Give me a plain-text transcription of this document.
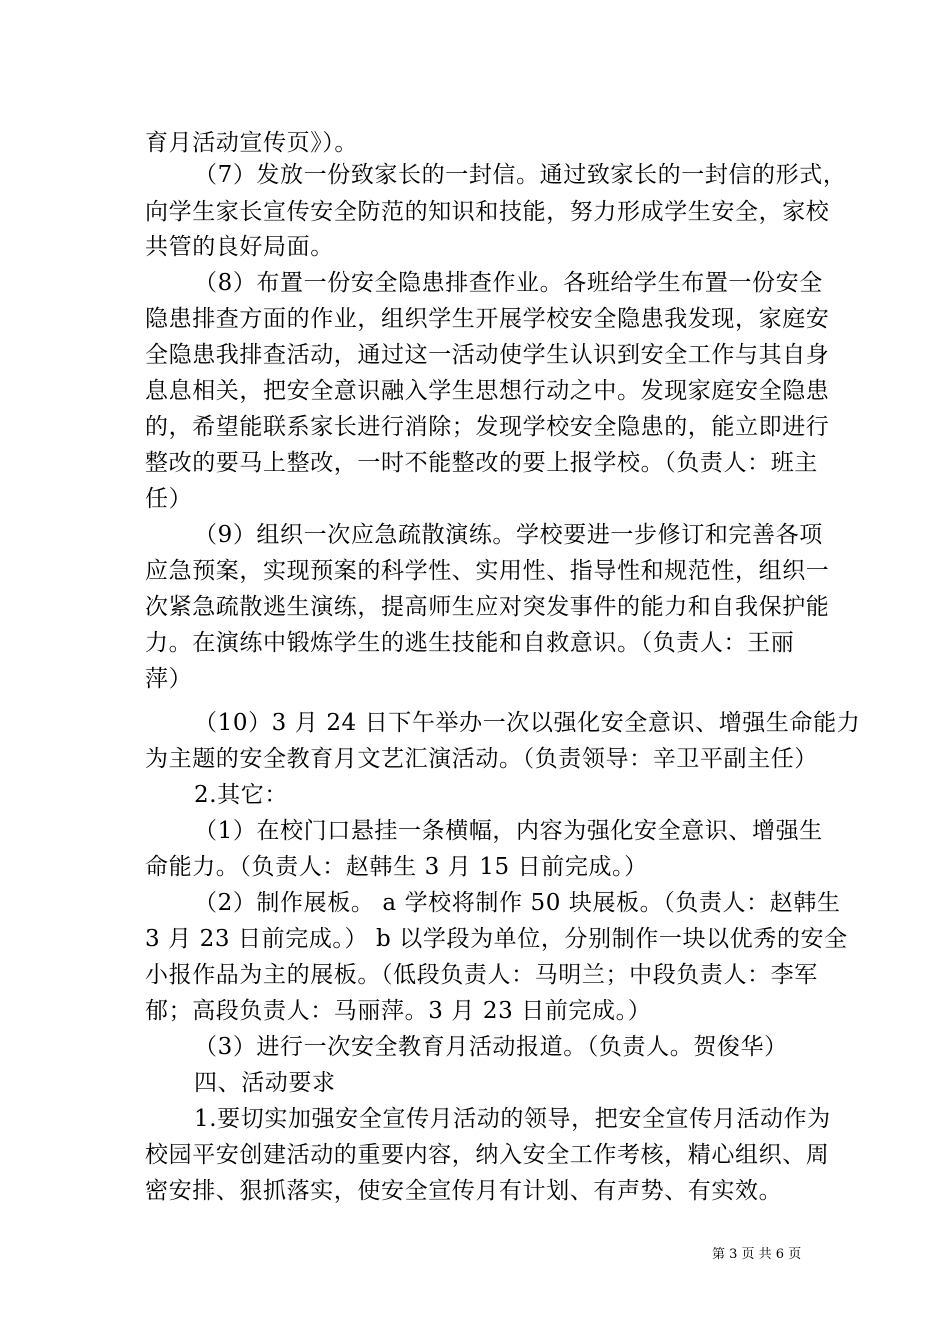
育月活动宣传页》）。
（7）发放一份致家长的一封信。通过致家长的一封信的形式，
向学生家长宣传安全防范的知识和技能，努力形成学生安全，家校
共管的良好局面。
（8）布置一份安全隐患排查作业。各班给学生布置一份安全
隐患排查方面的作业，组织学生开展学校安全隐患我发现，家庭安
全隐患我排查活动，通过这一活动使学生认识到安全工作与其自身
息息相关，把安全意识融入学生思想行动之中。发现家庭安全隐患
的，希望能联系家长进行消除；发现学校安全隐患的，能立即进行
整改的要马上整改，一时不能整改的要上报学校。（负责人：班主
任）
（9）组织一次应急疏散演练。学校要进一步修订和完善各项
应急预案，实现预案的科学性、实用性、指导性和规范性，组织一
次紧急疏散逃生演练，提高师生应对突发事件的能力和自我保护能
力。在演练中锻炼学生的逃生技能和自救意识。（负责人：王丽
萍）
（10）3 月 24 日下午举办一次以强化安全意识、增强生命能力
为主题的安全教育月文艺汇演活动。（负责领导：辛卫平副主任）
2.其它：
（1）在校门口悬挂一条横幅，内容为强化安全意识、增强生
命能力。（负责人：赵韩生 3 月 15 日前完成。）
（2）制作展板。 a 学校将制作 50 块展板。（负责人：赵韩生
3 月 23 日前完成。） b 以学段为单位，分别制作一块以优秀的安全
小报作品为主的展板。（低段负责人：马明兰；中段负责人：李军
郁；高段负责人：马丽萍。3 月 23 日前完成。）
（3）进行一次安全教育月活动报道。（负责人。贺俊华）
四、活动要求
1.要切实加强安全宣传月活动的领导，把安全宣传月活动作为
校园平安创建活动的重要内容，纳入安全工作考核，精心组织、周
密安排、狠抓落实，使安全宣传月有计划、有声势、有实效。
第 3 页 共 6 页
